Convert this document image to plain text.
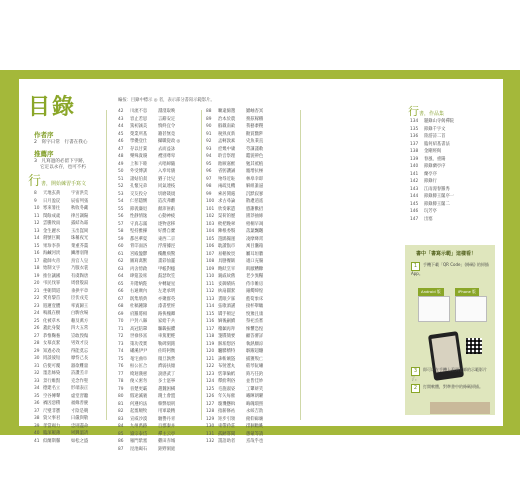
目錄	編按：目錄中標示 ◎ 者，表示部分書寫示範影片。
作者序
2　 寫字日常　行書在我心
推薦序
3　 凡寫過的必留下字跡，
它定以永存，也可不朽
行書，開始練習手寫文
8	天地玄黃	宇宙洪荒
9	日月盈昃	辰宿列張
10 寒來暑往	秋收冬藏
11 閏餘成歲	律呂調陽
12 雲騰致雨	露結為霜
13 金生麗水	玉出崑岡
14 劍號巨闕	珠稱夜光
15 果珍李柰	菜重芥薑
16 海鹹河淡	鱗潛羽翔
17 龍師火帝	鳥官人皇
18 始制文字	乃服衣裳
19 推位讓國	有虞陶唐
20 弔民伐罪	周發殷湯
21 坐朝問道	垂拱平章
22 愛育黎首	臣伏戎羌
23 遐邇壹體	率賓歸王
24 鳴鳳在樹	白駒食場
25 化被草木	賴及萬方
26 蓋此身髮	四大五常
27 恭惟鞠養	豈敢毀傷
28 女慕貞絜	男效才良
29 知過必改	得能莫忘
30 罔談彼短	靡恃己長
31 信使可覆	器欲難量
32 墨悲絲染	詩讚羔羊
33 景行維賢	克念作聖
34 德建名立	形端表正
35 空谷傳聲	虛堂習聽
36 禍因惡積	福緣善慶
37 尺璧非寶	寸陰是競
38 資父事君	曰嚴與敬
39 孝當竭力	忠則盡命
40 臨深履薄	夙興溫凊
41 似蘭斯馨	如松之盛
42	川流不息	淵澄取映
43	容止若思	言辭安定
44	篤初誠美	慎終宜令
45	榮業所基	籍甚無竟
46	學優登仕	攝職從政 ◎
47	存以甘棠	去而益詠
48	樂殊貴賤	禮別尊卑
49	上和下睦	夫唱婦隨
50	外受傅訓	入奉母儀
51	諸姑伯叔	猶子比兒
52	孔懷兄弟	同氣連枝
53	交友投分	切磨箴規
54	仁慈隱惻	造次弗離
55	節義廉退	顛沛匪虧
56	性靜情逸	心動神疲
57	守真志滿	逐物意移
58	堅持雅操	好爵自縻
59	都邑華夏	東西二京
60	背邙面洛	浮渭據涇
61	宮殿盤鬱	樓觀飛驚
62	圖寫禽獸	畫彩仙靈
63	丙舍傍啟	甲帳對楹
64	肆筵設席	鼓瑟吹笙
65	升階納陛	弁轉疑星
66	右通廣內	左達承明
67	既集墳典	亦聚群英
68	杜稿鍾隸	漆書壁經
69	府羅將相	路俠槐卿
70	戶封八縣	家給千兵
71	高冠陪輦	驅轂振纓
72	世祿侈富	車駕肥輕
73	策功茂實	勒碑刻銘
74	磻溪伊尹	佐時阿衡
75	奄宅曲阜	微旦孰營
76	桓公匡合	濟弱扶傾
77	綺迴漢惠	說感武丁
78	俊乂密勿	多士寔寧
79	晉楚更霸	趙魏困橫
80	假途滅虢	踐土會盟
81	何遵約法	韓弊煩刑
82	起翦頗牧	用軍最精
83	宣威沙漠	馳譽丹青
84	九州禹跡	百郡秦并
85	嶽宗泰岱	禪主云亭
86	雁門紫塞	雞田赤城
87	昆池碣石	鉅野洞庭
88	曠遠綿邈	巖岫杳冥
89	治本於農	務茲稼穡
90	俶載南畝	我藝黍稷
91	稅熟貢新	勸賞黜陟
92	孟軻敦素	史魚秉直
93	庶幾中庸	勞謙謹敕
94	聆音察理	鑑貌辨色
95	貽厥嘉猷	勉其祗植
96	省躬譏誡	寵增抗極
97	殆辱近恥	林皋幸即
98	兩疏見機	解組誰逼
99	索居閒處	沉默寂寥
100 求古尋論	散慮逍遙
101 欣奏累遣	慼謝歡招
102 渠荷的歷	園莽抽條
103 枇杷晚翠	梧桐早凋
104 陳根委翳	落葉飄颻
105 遊鵾獨運	凌摩絳霄
106 耽讀翫市	寓目囊箱
107 易輶攸畏	屬耳垣牆
108 具膳餐飯	適口充腸
109 飽飫烹宰	飢厭糟糠
110 親戚故舊	老少異糧
111 妾御績紡	侍巾帷房
112 紈扇圓絜	銀燭煒煌
113 晝眠夕寐	藍筍象床
114 弦歌酒讌	接杯舉觴
115 矯手頓足	悅豫且康
116 嫡後嗣續	祭祀烝嘗
117 稽顙再拜	悚懼恐惶
118 箋牒簡要	顧答審詳
119 骸垢想浴	執熱願涼
120 驢騾犢特	駭躍超驤
121 誅斬賊盜	捕獲叛亡
122 布射遼丸	嵇琴阮嘯
123 恬筆倫紙	鈞巧任釣
124 釋紛利俗	並皆佳妙
125 毛施淑姿	工顰妍笑
126 年矢每催	曦暉朗曜
127 璇璣懸斡	晦魄環照
128 指薪修祜	永綏吉劭
129 矩步引領	俯仰廊廟
130 束帶矜莊	徘徊瞻眺
131 孤陋寡聞	愚蒙等誚
132 謂語助者	焉哉乎也
行書，作品集
134	題錄山寺偈禪院
135	節錄千字文
136	陸游詩二首
137	臨何紹基書法
138	金剛經偈
139	春風、重陽
140	節錄蘭亭序
141	蘭亭序
142	節錄行
143	江雨漫春羅秀
144	節錄滕王閣序一
145	節錄滕王閣二
146	玩芳亭
147	出塞
書中「書寫示範」這樣看！
1 手機下載「QR Code」(條碼) 的掃描 App。
Android 版	iPhone 版
2 打開軟體，對準書中的條碼掃描。
3 即可以在手機上看到老師的示範影片了。
